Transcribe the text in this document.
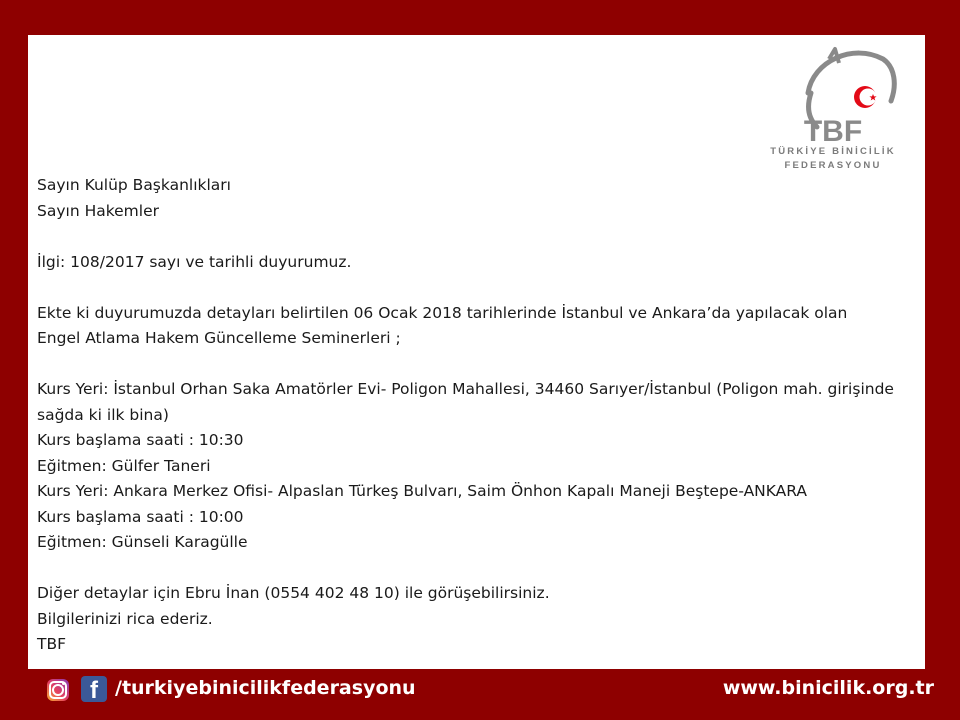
TBF
TÜRKİYE BİNİCİLİK
FEDERASYONU
Sayın Kulüp Başkanlıkları
Sayın Hakemler
İlgi: 108/2017 sayı ve tarihli duyurumuz.
Ekte ki duyurumuzda detayları belirtilen 06 Ocak 2018 tarihlerinde İstanbul ve Ankara’da yapılacak olan Engel Atlama Hakem Güncelleme Seminerleri ;
Kurs Yeri: İstanbul Orhan Saka Amatörler Evi- Poligon Mahallesi, 34460 Sarıyer/İstanbul (Poligon mah. girişinde sağda ki ilk bina)
Kurs başlama saati : 10:30
Eğitmen: Gülfer Taneri
Kurs Yeri: Ankara Merkez Ofisi- Alpaslan Türkeş Bulvarı, Saim Önhon Kapalı Maneji Beştepe-ANKARA
Kurs başlama saati : 10:00
Eğitmen: Günseli Karagülle
Diğer detaylar için Ebru İnan (0554 402 48 10) ile görüşebilirsiniz.
Bilgilerinizi rica ederiz.
TBF
f /turkiyebinicilikfederasyonu	www.binicilik.org.tr
